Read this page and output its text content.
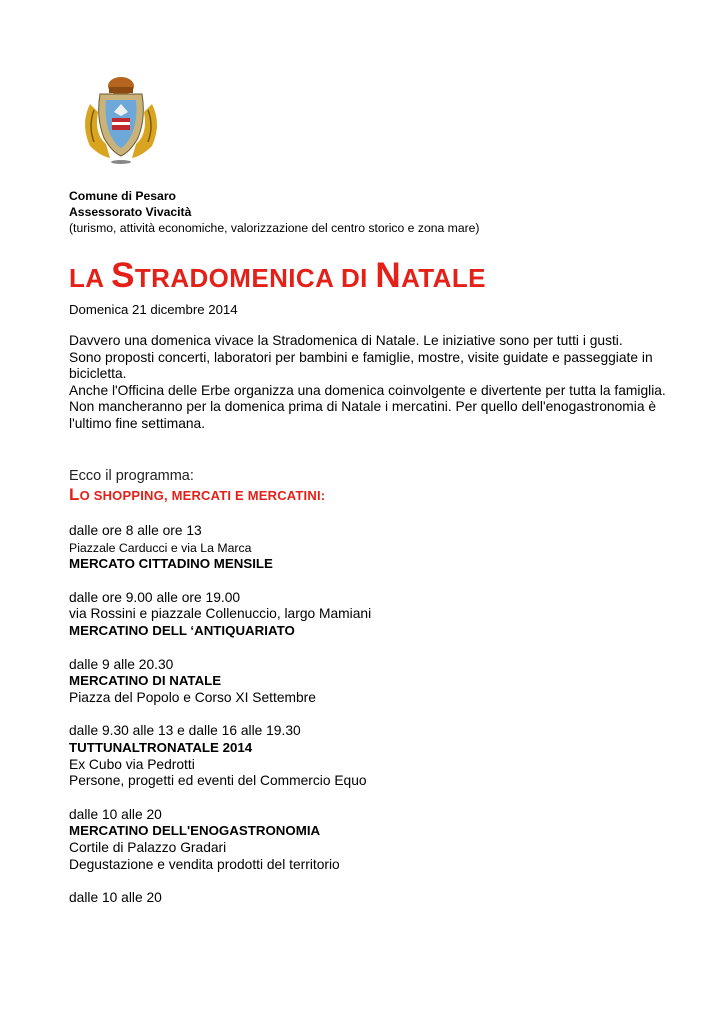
Comune di Pesaro
Assessorato Vivacità
(turismo, attività economiche, valorizzazione del centro storico e zona mare)
LA STRADOMENICA DI NATALE
Domenica 21 dicembre 2014

Davvero una domenica vivace la Stradomenica di Natale. Le iniziative sono per tutti i gusti.

Sono proposti concerti, laboratori per bambini e famiglie, mostre, visite guidate e passeggiate in bicicletta.

Anche l'Officina delle Erbe organizza una domenica coinvolgente e divertente per tutta la famiglia.

Non mancheranno per la domenica prima di Natale i mercatini. Per quello dell'enogastronomia è l'ultimo fine settimana.

Ecco il programma:
LO SHOPPING, MERCATI E MERCATINI:
dalle ore 8 alle ore 13
Piazzale Carducci e via La Marca
MERCATO CITTADINO MENSILE
dalle ore 9.00 alle ore 19.00
via Rossini e piazzale Collenuccio, largo Mamiani
MERCATINO DELL ‘ANTIQUARIATO
dalle 9 alle 20.30
MERCATINO DI NATALE
Piazza del Popolo e Corso XI Settembre
dalle 9.30 alle 13 e dalle 16 alle 19.30
TUTTUNALTRONATALE 2014
Ex Cubo via Pedrotti
Persone, progetti ed eventi del Commercio Equo
dalle 10 alle 20
MERCATINO DELL'ENOGASTRONOMIA
Cortile di Palazzo Gradari
Degustazione e vendita prodotti del territorio
dalle 10 alle 20
